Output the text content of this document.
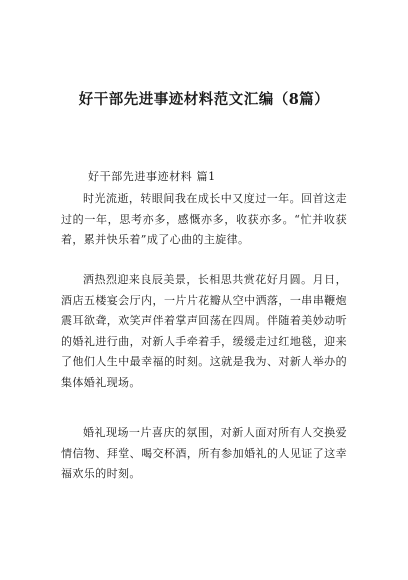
好干部先进事迹材料范文汇编（8篇）

好干部先进事迹材料 篇1

时光流逝，转眼间我在成长中又度过一年。回首这走过的一年，思考亦多，感慨亦多，收获亦多。“忙并收获着，累并快乐着”成了心曲的主旋律。

洒热烈迎来良辰美景，长相思共赏花好月圆。月日，酒店五楼宴会厅内，一片片花瓣从空中洒落，一串串鞭炮震耳欲聋，欢笑声伴着掌声回荡在四周。伴随着美妙动听的婚礼进行曲，对新人手牵着手，缓缓走过红地毯，迎来了他们人生中最幸福的时刻。这就是我为、对新人举办的集体婚礼现场。

婚礼现场一片喜庆的氛围，对新人面对所有人交换爱情信物、拜堂、喝交杯酒，所有参加婚礼的人见证了这幸福欢乐的时刻。
